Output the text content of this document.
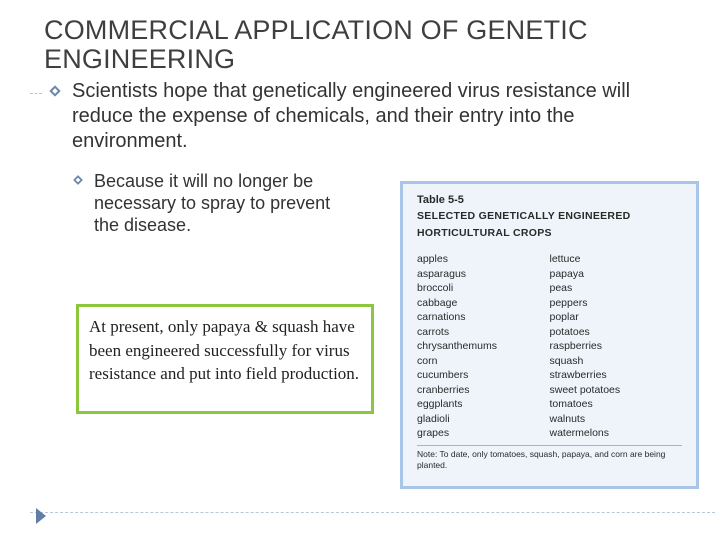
COMMERCIAL APPLICATION OF GENETIC ENGINEERING
Scientists hope that genetically engineered virus resistance will reduce the expense of chemicals, and their entry into the environment.
Because it will no longer be necessary to spray to prevent the disease.
At present, only papaya & squash have been engineered successfully for virus resistance and put into field production.
Table 5-5
SELECTED GENETICALLY ENGINEERED
HORTICULTURAL CROPS
apples
asparagus
broccoli
cabbage
carnations
carrots
chrysanthemums
corn
cucumbers
cranberries
eggplants
gladioli
grapes
lettuce
papaya
peas
peppers
poplar
potatoes
raspberries
squash
strawberries
sweet potatoes
tomatoes
walnuts
watermelons
Note: To date, only tomatoes, squash, papaya, and corn are being planted.
